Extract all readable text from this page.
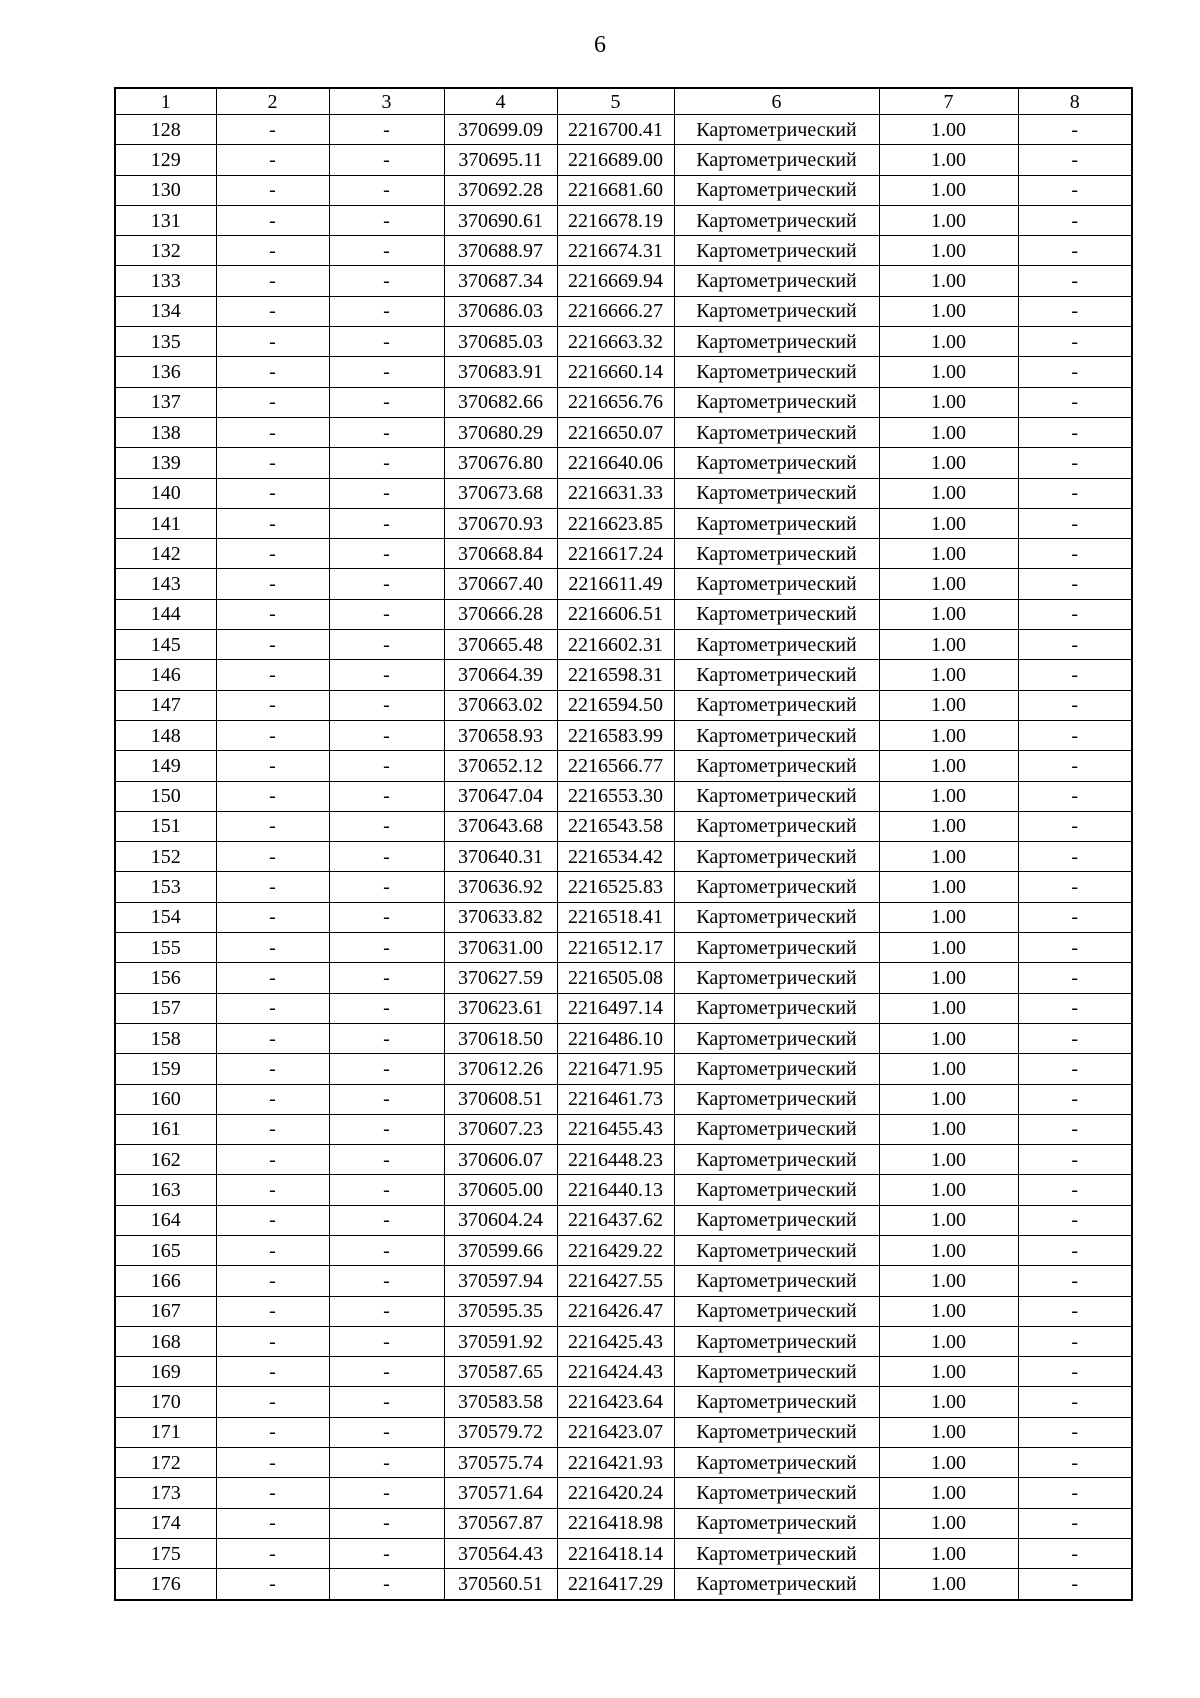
6
1	2	3	4	5	6	7	8
128	-	-	370699.09	2216700.41	Картометрический	1.00	-
129	-	-	370695.11	2216689.00	Картометрический	1.00	-
130	-	-	370692.28	2216681.60	Картометрический	1.00	-
131	-	-	370690.61	2216678.19	Картометрический	1.00	-
132	-	-	370688.97	2216674.31	Картометрический	1.00	-
133	-	-	370687.34	2216669.94	Картометрический	1.00	-
134	-	-	370686.03	2216666.27	Картометрический	1.00	-
135	-	-	370685.03	2216663.32	Картометрический	1.00	-
136	-	-	370683.91	2216660.14	Картометрический	1.00	-
137	-	-	370682.66	2216656.76	Картометрический	1.00	-
138	-	-	370680.29	2216650.07	Картометрический	1.00	-
139	-	-	370676.80	2216640.06	Картометрический	1.00	-
140	-	-	370673.68	2216631.33	Картометрический	1.00	-
141	-	-	370670.93	2216623.85	Картометрический	1.00	-
142	-	-	370668.84	2216617.24	Картометрический	1.00	-
143	-	-	370667.40	2216611.49	Картометрический	1.00	-
144	-	-	370666.28	2216606.51	Картометрический	1.00	-
145	-	-	370665.48	2216602.31	Картометрический	1.00	-
146	-	-	370664.39	2216598.31	Картометрический	1.00	-
147	-	-	370663.02	2216594.50	Картометрический	1.00	-
148	-	-	370658.93	2216583.99	Картометрический	1.00	-
149	-	-	370652.12	2216566.77	Картометрический	1.00	-
150	-	-	370647.04	2216553.30	Картометрический	1.00	-
151	-	-	370643.68	2216543.58	Картометрический	1.00	-
152	-	-	370640.31	2216534.42	Картометрический	1.00	-
153	-	-	370636.92	2216525.83	Картометрический	1.00	-
154	-	-	370633.82	2216518.41	Картометрический	1.00	-
155	-	-	370631.00	2216512.17	Картометрический	1.00	-
156	-	-	370627.59	2216505.08	Картометрический	1.00	-
157	-	-	370623.61	2216497.14	Картометрический	1.00	-
158	-	-	370618.50	2216486.10	Картометрический	1.00	-
159	-	-	370612.26	2216471.95	Картометрический	1.00	-
160	-	-	370608.51	2216461.73	Картометрический	1.00	-
161	-	-	370607.23	2216455.43	Картометрический	1.00	-
162	-	-	370606.07	2216448.23	Картометрический	1.00	-
163	-	-	370605.00	2216440.13	Картометрический	1.00	-
164	-	-	370604.24	2216437.62	Картометрический	1.00	-
165	-	-	370599.66	2216429.22	Картометрический	1.00	-
166	-	-	370597.94	2216427.55	Картометрический	1.00	-
167	-	-	370595.35	2216426.47	Картометрический	1.00	-
168	-	-	370591.92	2216425.43	Картометрический	1.00	-
169	-	-	370587.65	2216424.43	Картометрический	1.00	-
170	-	-	370583.58	2216423.64	Картометрический	1.00	-
171	-	-	370579.72	2216423.07	Картометрический	1.00	-
172	-	-	370575.74	2216421.93	Картометрический	1.00	-
173	-	-	370571.64	2216420.24	Картометрический	1.00	-
174	-	-	370567.87	2216418.98	Картометрический	1.00	-
175	-	-	370564.43	2216418.14	Картометрический	1.00	-
176	-	-	370560.51	2216417.29	Картометрический	1.00	-
